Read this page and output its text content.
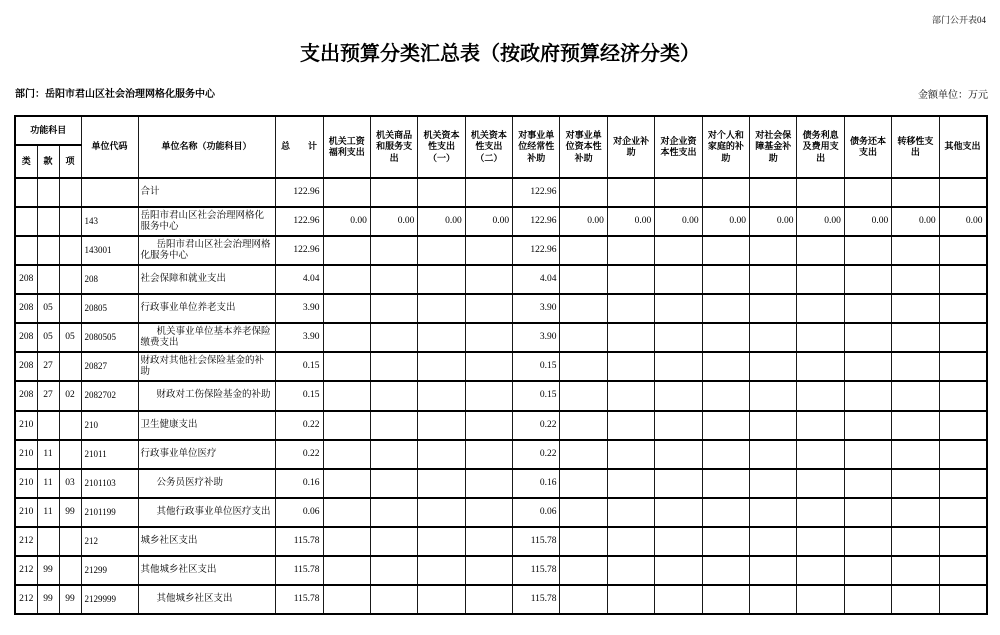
部门公开表04
支出预算分类汇总表（按政府预算经济分类）
部门：岳阳市君山区社会治理网格化服务中心	金额单位：万元
功能科目			单位代码	单位名称（功能科目）	总　　计	机关工资福利支出	机关商品和服务支出	机关资本性支出（一）	机关资本性支出（二）	对事业单位经常性补助	对事业单位资本性补助	对企业补助	对企业资本性支出	对个人和家庭的补助	对社会保障基金补助	债务利息及费用支出	债务还本支出	转移性支出	其他支出
类	款	项																	
				合计	122.96					122.96									
			143	岳阳市君山区社会治理网格化服务中心	122.96	0.00	0.00	0.00	0.00	122.96	0.00	0.00	0.00	0.00	0.00	0.00	0.00	0.00	0.00
			143001	岳阳市君山区社会治理网格化服务中心	122.96					122.96									
208			208	社会保障和就业支出	4.04					4.04									
208	05		20805	行政事业单位养老支出	3.90					3.90									
208	05	05	2080505	机关事业单位基本养老保险缴费支出	3.90					3.90									
208	27		20827	财政对其他社会保险基金的补助	0.15					0.15									
208	27	02	2082702	财政对工伤保险基金的补助	0.15					0.15									
210			210	卫生健康支出	0.22					0.22									
210	11		21011	行政事业单位医疗	0.22					0.22									
210	11	03	2101103	公务员医疗补助	0.16					0.16									
210	11	99	2101199	其他行政事业单位医疗支出	0.06					0.06									
212			212	城乡社区支出	115.78					115.78									
212	99		21299	其他城乡社区支出	115.78					115.78									
212	99	99	2129999	其他城乡社区支出	115.78					115.78									
